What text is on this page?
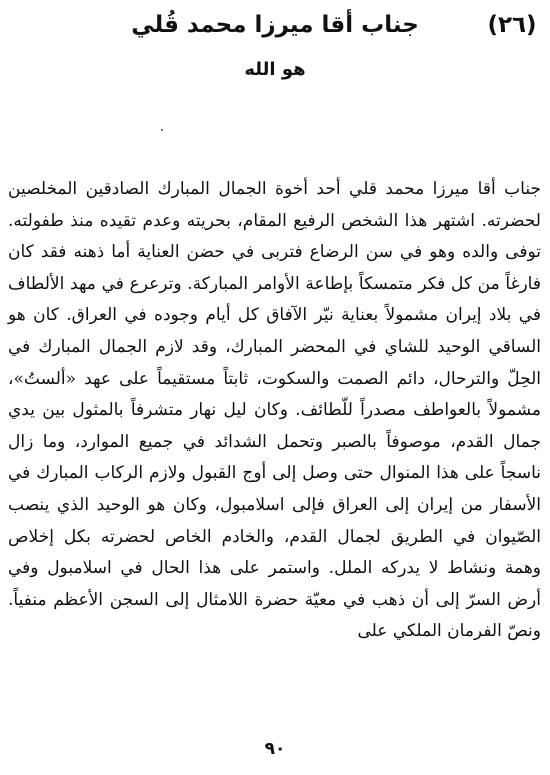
(٢٦)
جناب أقا ميرزا محمد قُلي
هو الله

جناب أقا ميرزا محمد قلي أحد أخوة الجمال المبارك الصادقين المخلصين لحضرته. اشتهر هذا الشخص الرفيع المقام، بحريته وعدم تقيده منذ طفولته. توفى والده وهو في سن الرضاع فتربى في حضن العناية أما ذهنه فقد كان فارغاً من كل فكر متمسكاً بإطاعة الأوامر المباركة. وترعرع في مهد الألطاف في بلاد إيران مشمولاً بعناية نيّر الآفاق كل أيام وجوده في العراق. كان هو الساقي الوحيد للشاي في المحضر المبارك، وقد لازم الجمال المبارك في الحِلّ والترحال، دائم الصمت والسكوت، ثابتاً مستقيماً على عهد «ألستُ»، مشمولاً بالعواطف مصدراً للّطائف. وكان ليل نهار متشرفاً بالمثول بين يدي جمال القدم، موصوفاً بالصبر وتحمل الشدائد في جميع الموارد، وما زال ناسجاً على هذا المنوال حتى وصل إلى أوج القبول ولازم الركاب المبارك في الأسفار من إيران إلى العراق فإلى اسلامبول، وكان هو الوحيد الذي ينصب الصّيوان في الطريق لجمال القدم، والخادم الخاص لحضرته بكل إخلاص وهمة ونشاط لا يدركه الملل. واستمر على هذا الحال في اسلامبول وفي أرض السرّ إلى أن ذهب في معيّة حضرة اللامثال إلى السجن الأعظم منفياً. ونصّ الفرمان الملكي على

٩٠
